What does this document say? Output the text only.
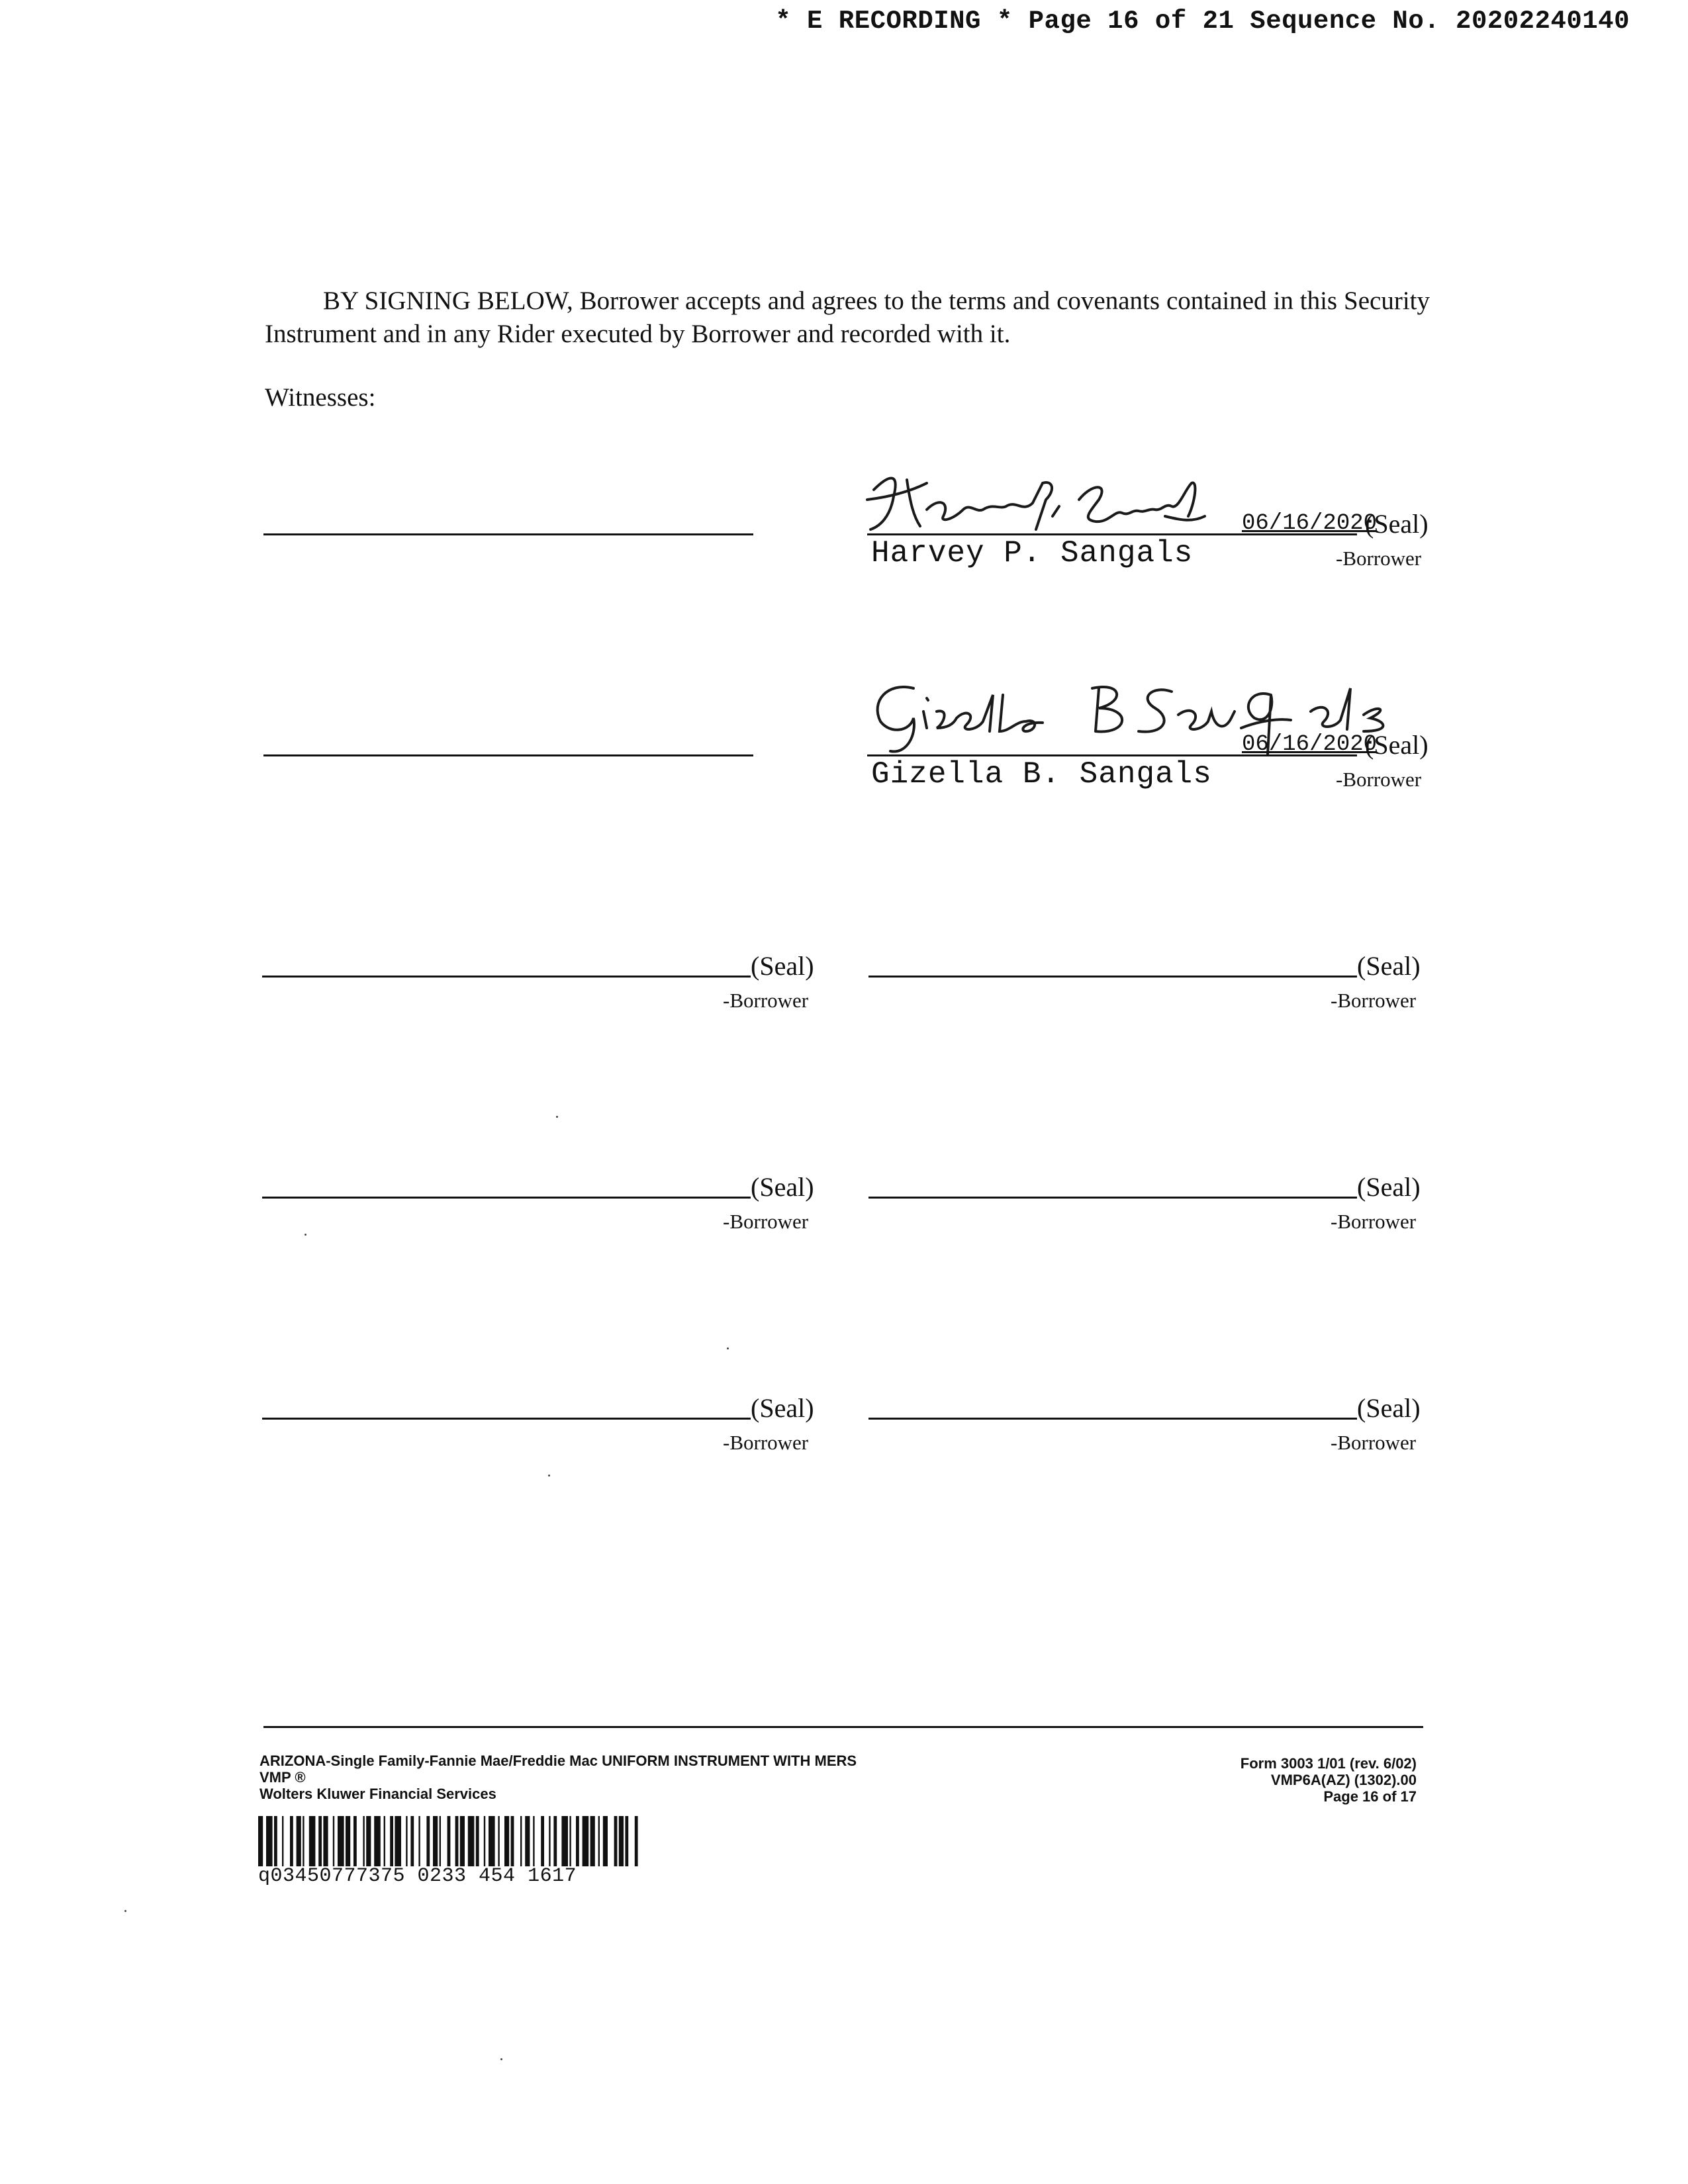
* E RECORDING * Page 16 of 21 Sequence No. 20202240140
BY SIGNING BELOW, Borrower accepts and agrees to the terms and covenants contained in this Security Instrument and in any Rider executed by Borrower and recorded with it.
Witnesses:
06/16/2020
(Seal)
Harvey P. Sangals	-Borrower
06/16/2020
(Seal)
Gizella B. Sangals	-Borrower
(Seal)
-Borrower
(Seal)
-Borrower
(Seal)
-Borrower
(Seal)
-Borrower
(Seal)
-Borrower
(Seal)
-Borrower
ARIZONA-Single Family-Fannie Mae/Freddie Mac UNIFORM INSTRUMENT WITH MERS
VMP ®
Wolters Kluwer Financial Services
Form 3003 1/01 (rev. 6/02)
VMP6A(AZ) (1302).00
Page 16 of 17
q03450777375 0233 454 1617
